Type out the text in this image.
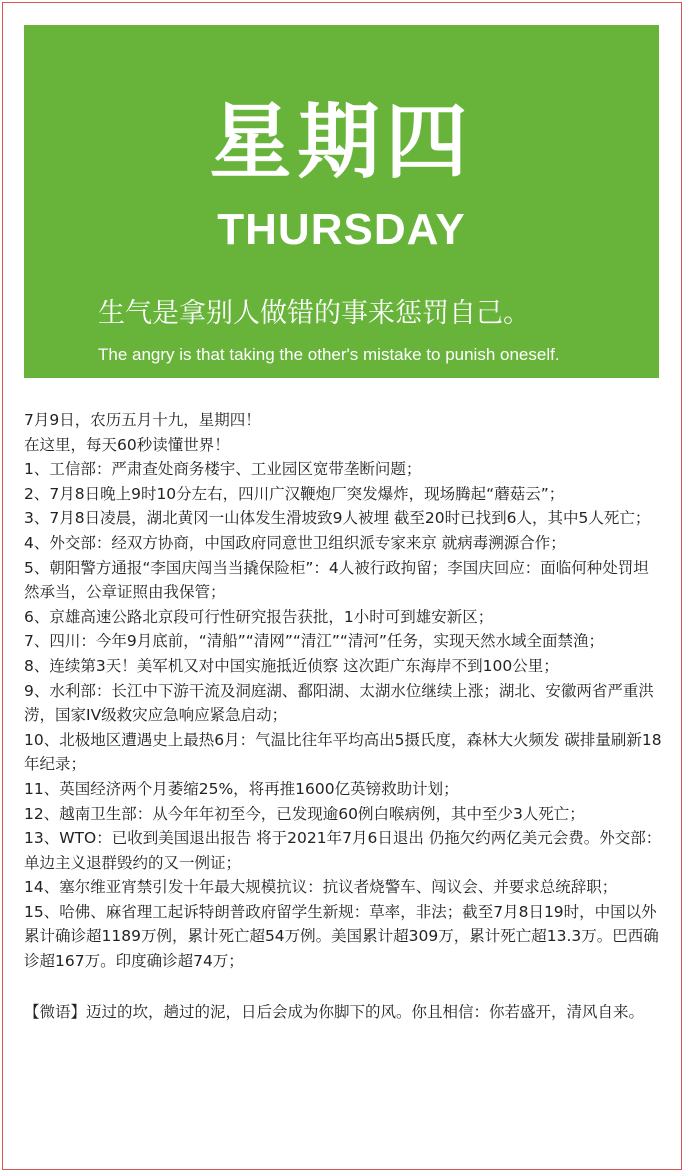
星期四
THURSDAY
生气是拿别人做错的事来惩罚自己。
The angry is that taking the other's mistake to punish oneself.

7月9日，农历五月十九，星期四！

在这里，每天60秒读懂世界！

1、工信部：严肃查处商务楼宇、工业园区宽带垄断问题；

2、7月8日晚上9时10分左右，四川广汉鞭炮厂突发爆炸，现场腾起“蘑菇云”；

3、7月8日凌晨，湖北黄冈一山体发生滑坡致9人被埋 截至20时已找到6人，其中5人死亡；

4、外交部：经双方协商，中国政府同意世卫组织派专家来京 就病毒溯源合作；

5、朝阳警方通报“李国庆闯当当撬保险柜”：4人被行政拘留；李国庆回应：面临何种处罚坦然承当，公章证照由我保管；

6、京雄高速公路北京段可行性研究报告获批，1小时可到雄安新区；

7、四川：今年9月底前，“清船”“清网”“清江”“清河”任务，实现天然水域全面禁渔；

8、连续第3天！美军机又对中国实施抵近侦察 这次距广东海岸不到100公里；

9、水利部：长江中下游干流及洞庭湖、鄱阳湖、太湖水位继续上涨；湖北、安徽两省严重洪涝，国家IV级救灾应急响应紧急启动；

10、北极地区遭遇史上最热6月：气温比往年平均高出5摄氏度，森林大火频发 碳排量刷新18年纪录；

11、英国经济两个月萎缩25%，将再推1600亿英镑救助计划；

12、越南卫生部：从今年年初至今，已发现逾60例白喉病例，其中至少3人死亡；

13、WTO：已收到美国退出报告 将于2021年7月6日退出 仍拖欠约两亿美元会费。外交部：单边主义退群毁约的又一例证；

14、塞尔维亚宵禁引发十年最大规模抗议：抗议者烧警车、闯议会、并要求总统辞职；

15、哈佛、麻省理工起诉特朗普政府留学生新规：草率，非法；截至7月8日19时，中国以外累计确诊超1189万例，累计死亡超54万例。美国累计超309万，累计死亡超13.3万。巴西确诊超167万。印度确诊超74万；

【微语】迈过的坎，趟过的泥，日后会成为你脚下的风。你且相信：你若盛开，清风自来。
